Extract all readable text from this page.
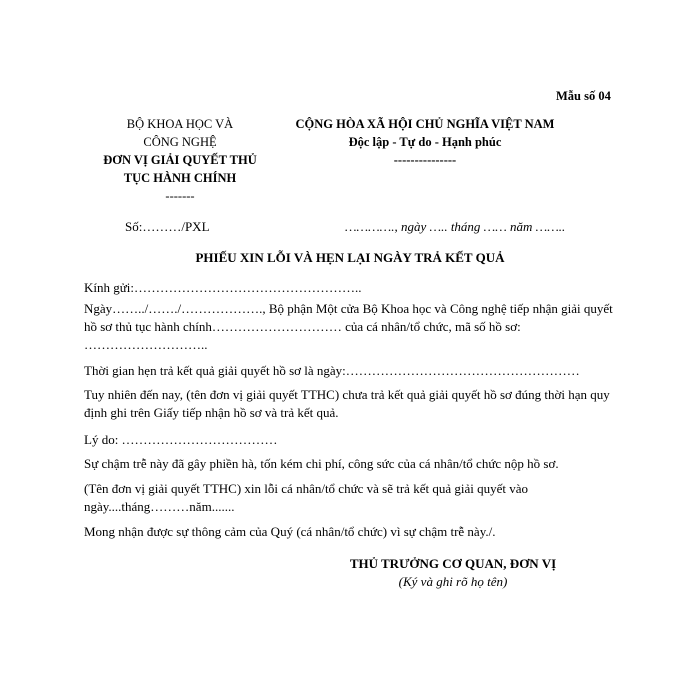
Mẫu số 04
BỘ KHOA HỌC VÀ
CÔNG NGHỆ
ĐƠN VỊ GIẢI QUYẾT THỦ
TỤC HÀNH CHÍNH
-------
CỘNG HÒA XÃ HỘI CHỦ NGHĨA VIỆT NAM
Độc lập - Tự do - Hạnh phúc
---------------
Số:………/PXL	…………., ngày ….. tháng …… năm ……..
PHIẾU XIN LỖI VÀ HẸN LẠI NGÀY TRẢ KẾT QUẢ
Kính gửi:……………………………………………..
Ngày……../……./………………., Bộ phận Một cửa Bộ Khoa học và Công nghệ tiếp nhận giải quyết hồ sơ thủ tục hành chính………………………… của cá nhân/tổ chức, mã số hồ sơ: ………………………..
Thời gian hẹn trả kết quả giải quyết hồ sơ là ngày:………………………………………………
Tuy nhiên đến nay, (tên đơn vị giải quyết TTHC) chưa trả kết quả giải quyết hồ sơ đúng thời hạn quy định ghi trên Giấy tiếp nhận hồ sơ và trả kết quả.
Lý do: ………………………………
Sự chậm trễ này đã gây phiền hà, tốn kém chi phí, công sức của cá nhân/tổ chức nộp hồ sơ.
(Tên đơn vị giải quyết TTHC) xin lỗi cá nhân/tổ chức và sẽ trả kết quả giải quyết vào ngày....tháng………năm.......
Mong nhận được sự thông cảm của Quý (cá nhân/tổ chức) vì sự chậm trễ này./.
THỦ TRƯỞNG CƠ QUAN, ĐƠN VỊ
(Ký và ghi rõ họ tên)
